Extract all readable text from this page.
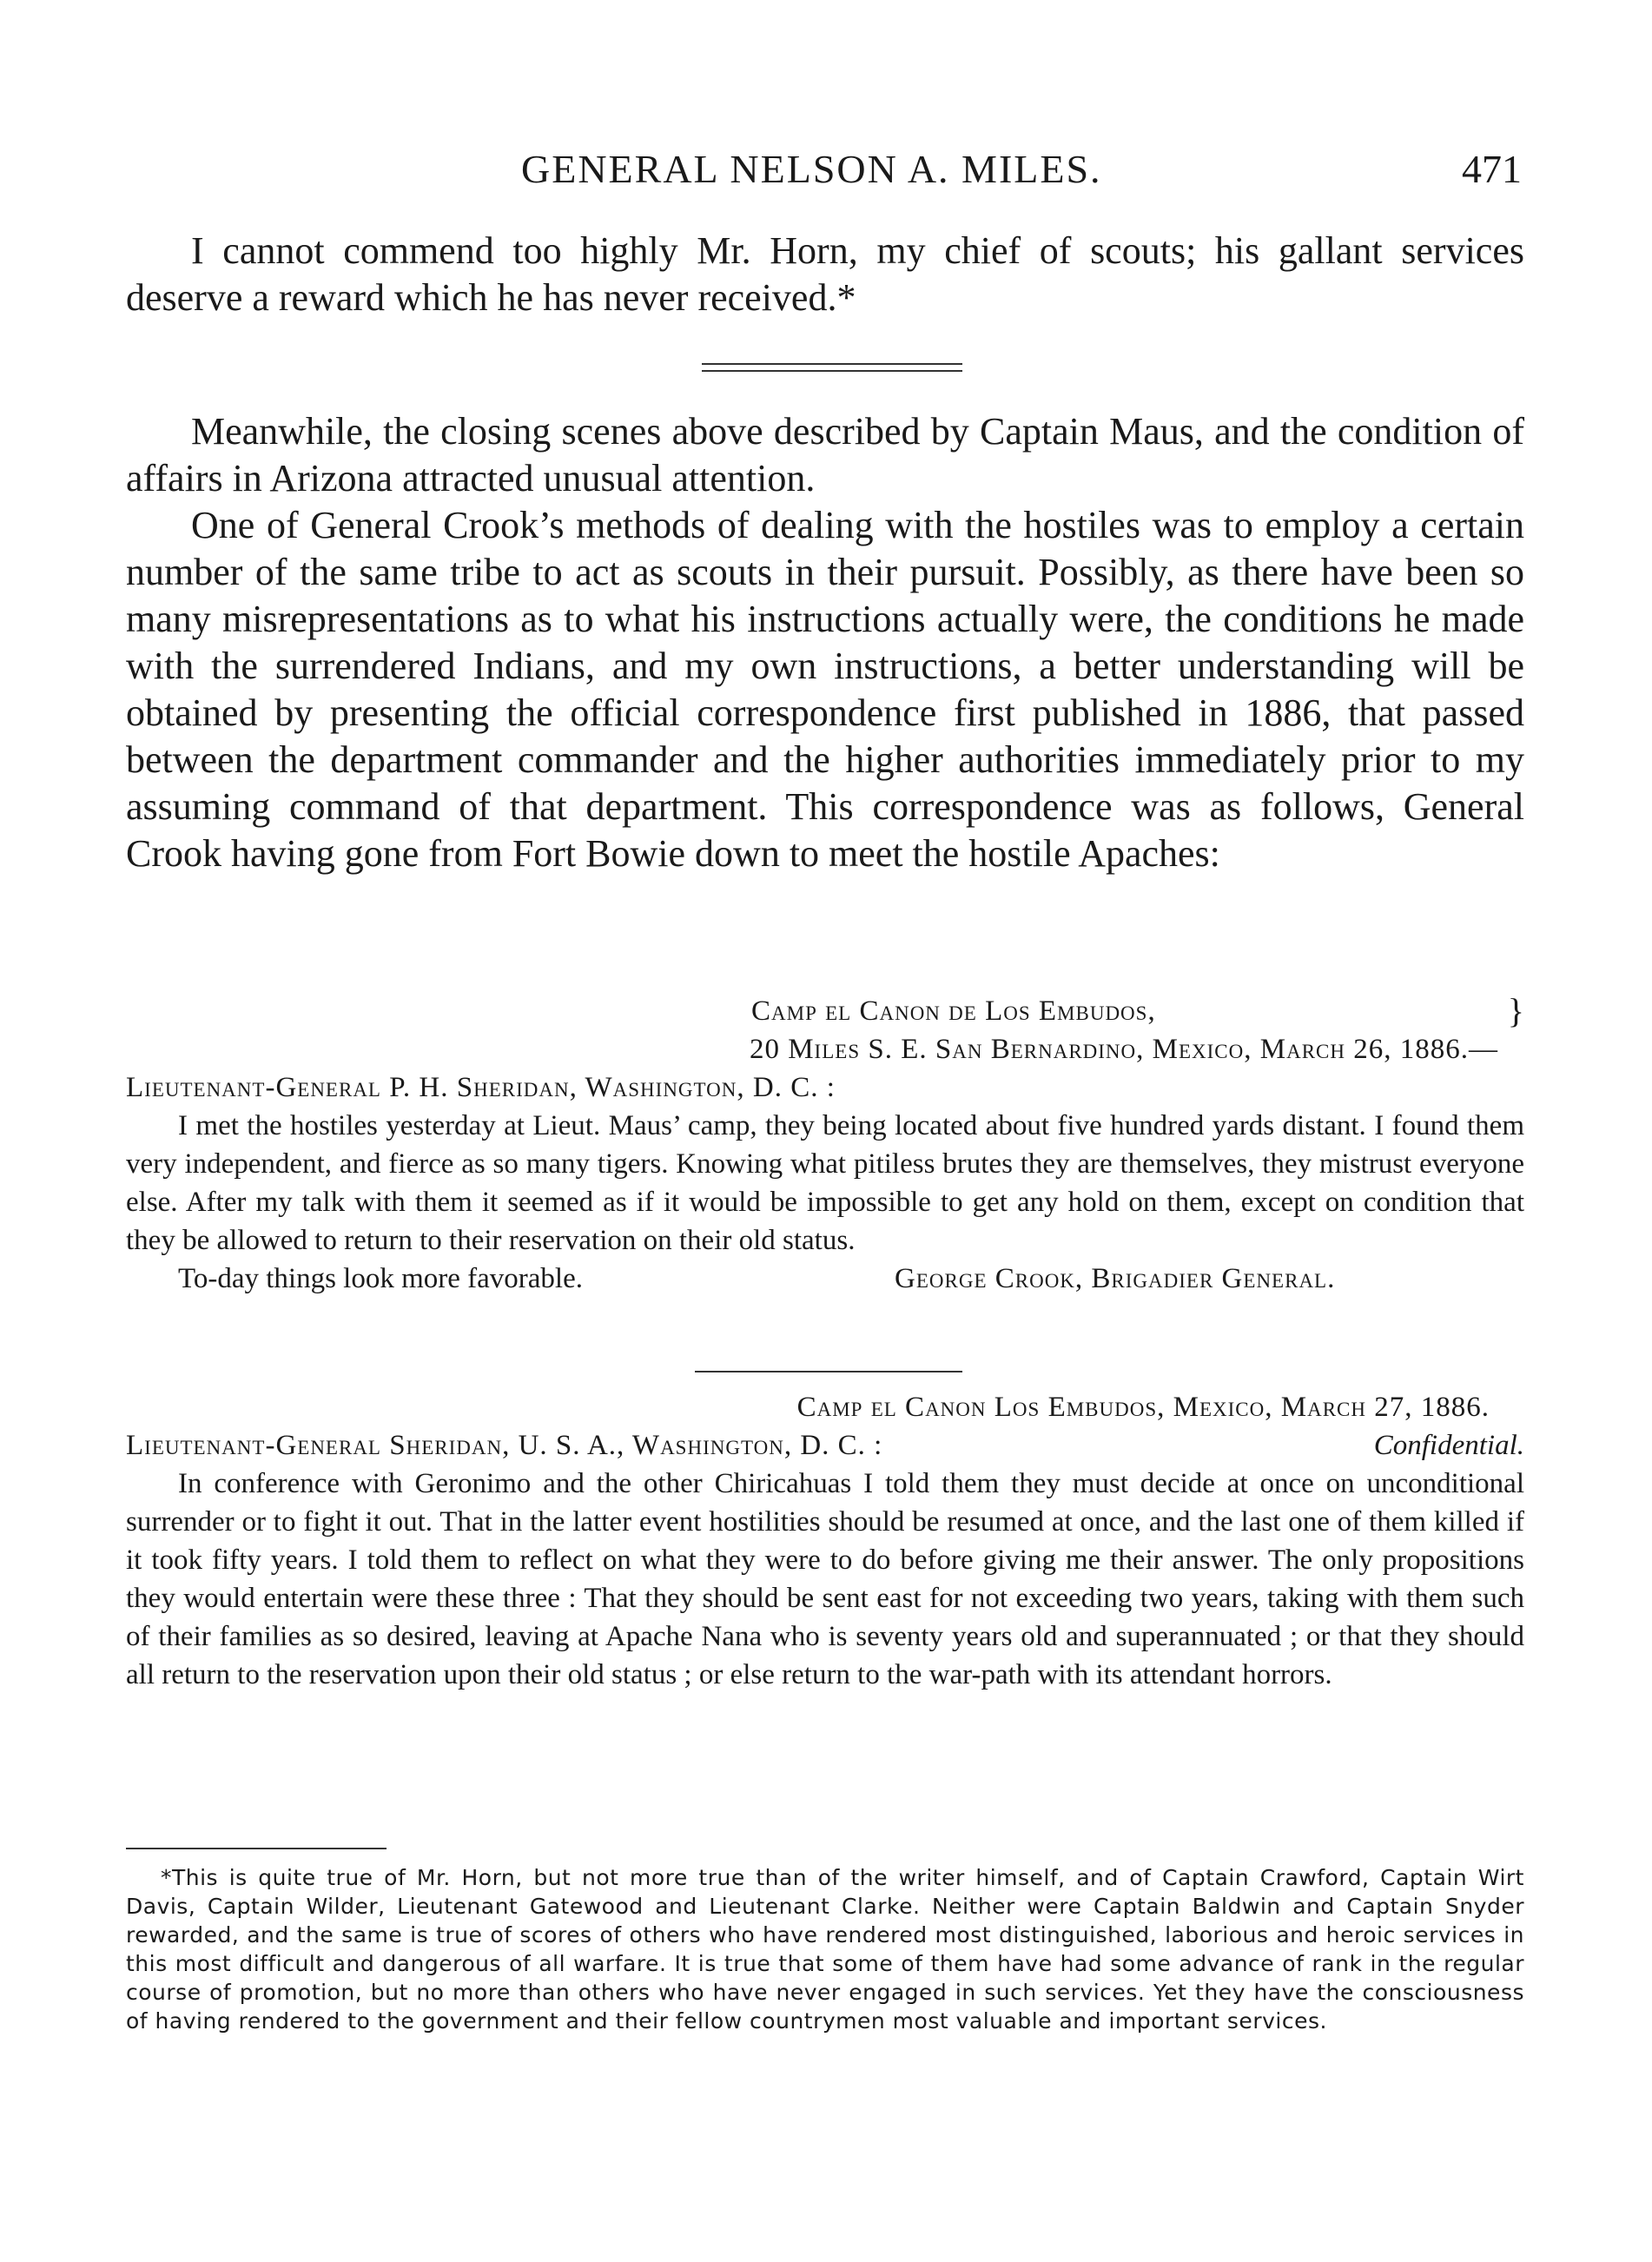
GENERAL NELSON A. MILES.	471

I cannot commend too highly Mr. Horn, my chief of scouts; his gallant services deserve a reward which he has never received.*

Meanwhile, the closing scenes above described by Captain Maus, and the condition of affairs in Arizona attracted unusual attention.

One of General Crook’s methods of dealing with the hostiles was to employ a certain number of the same tribe to act as scouts in their pursuit. Possibly, as there have been so many misrepresentations as to what his instructions actually were, the conditions he made with the surrendered Indians, and my own instructions, a better understanding will be obtained by presenting the official correspondence first published in 1886, that passed between the department commander and the higher authorities immediately prior to my assuming command of that department. This correspondence was as follows, General Crook having gone from Fort Bowie down to meet the hostile Apaches:

Camp el Canon de Los Embudos,	}
20 Miles S. E. San Bernardino, Mexico, March 26, 1886.—
Lieutenant-General P. H. Sheridan, Washington, D. C. :

I met the hostiles yesterday at Lieut. Maus’ camp, they being located about five hundred yards distant. I found them very independent, and fierce as so many tigers. Knowing what pitiless brutes they are themselves, they mistrust everyone else. After my talk with them it seemed as if it would be impossible to get any hold on them, except on condition that they be allowed to return to their reservation on their old status.

To-day things look more favorable.	George Crook, Brigadier General.
Camp el Canon Los Embudos, Mexico, March 27, 1886.
Lieutenant-General Sheridan, U. S. A., Washington, D. C. :	Confidential.

In conference with Geronimo and the other Chiricahuas I told them they must decide at once on unconditional surrender or to fight it out. That in the latter event hostilities should be resumed at once, and the last one of them killed if it took fifty years. I told them to reflect on what they were to do before giving me their answer. The only propositions they would entertain were these three : That they should be sent east for not exceeding two years, taking with them such of their families as so desired, leaving at Apache Nana who is seventy years old and superannuated ; or that they should all return to the reservation upon their old status ; or else return to the war-path with its attendant horrors.

*This is quite true of Mr. Horn, but not more true than of the writer himself, and of Captain Crawford, Captain Wirt Davis, Captain Wilder, Lieutenant Gatewood and Lieutenant Clarke. Neither were Captain Baldwin and Captain Snyder rewarded, and the same is true of scores of others who have rendered most distinguished, laborious and heroic services in this most difficult and dangerous of all warfare. It is true that some of them have had some advance of rank in the regular course of promotion, but no more than others who have never engaged in such services. Yet they have the consciousness of having rendered to the government and their fellow countrymen most valuable and important services.
